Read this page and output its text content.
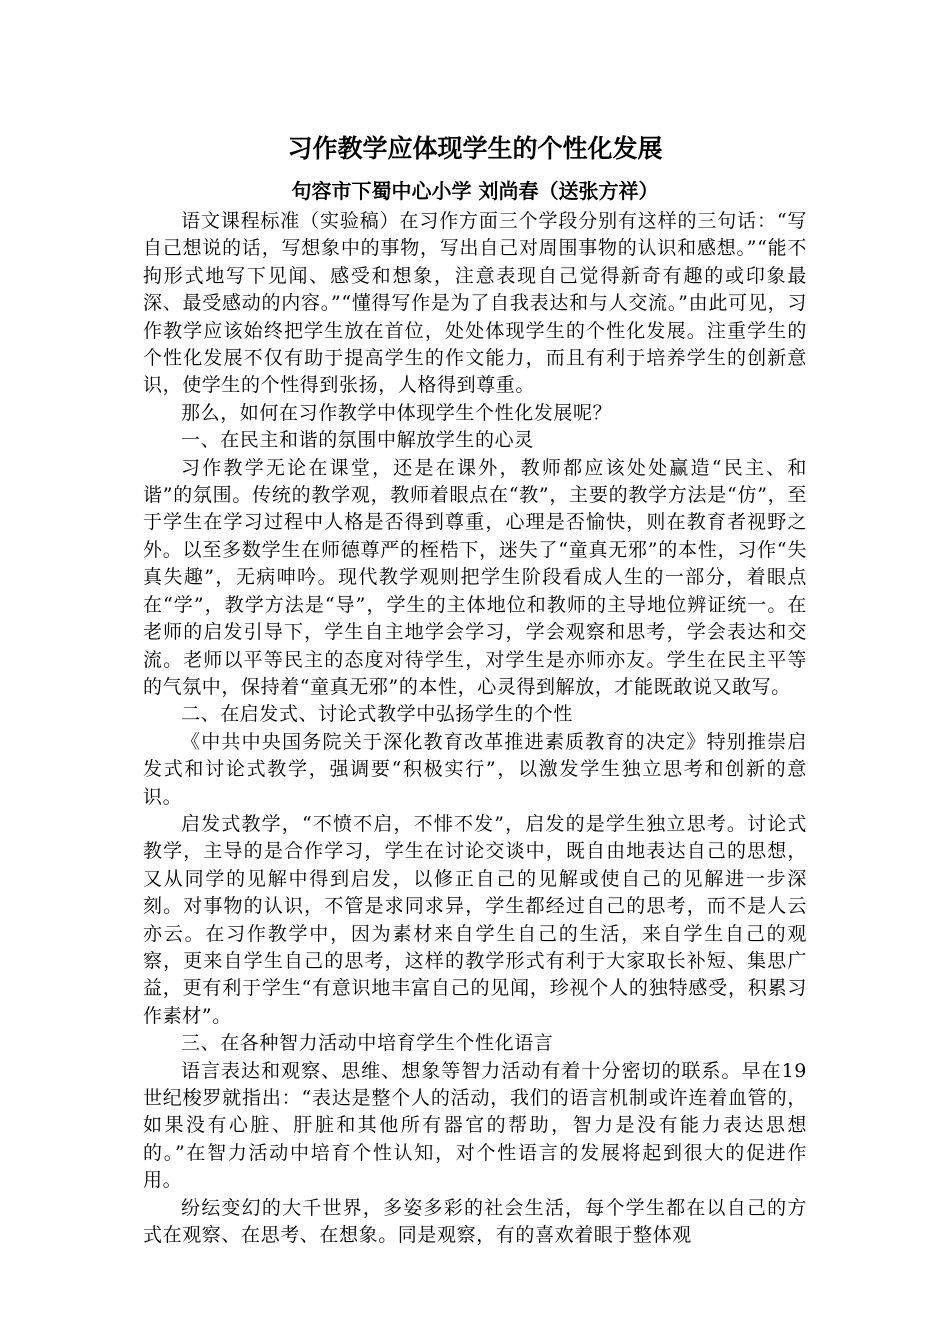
习作教学应体现学生的个性化发展
句容市下蜀中心小学 刘尚春（送张方祥）

语文课程标准（实验稿）在习作方面三个学段分别有这样的三句话：“写自己想说的话，写想象中的事物，写出自己对周围事物的认识和感想。”“能不拘形式地写下见闻、感受和想象，注意表现自己觉得新奇有趣的或印象最深、最受感动的内容。”“懂得写作是为了自我表达和与人交流。”由此可见，习作教学应该始终把学生放在首位，处处体现学生的个性化发展。注重学生的个性化发展不仅有助于提高学生的作文能力，而且有利于培养学生的创新意识，使学生的个性得到张扬，人格得到尊重。

那么，如何在习作教学中体现学生个性化发展呢？

一、在民主和谐的氛围中解放学生的心灵

习作教学无论在课堂，还是在课外，教师都应该处处赢造“民主、和谐”的氛围。传统的教学观，教师着眼点在“教”，主要的教学方法是“仿”，至于学生在学习过程中人格是否得到尊重，心理是否愉快，则在教育者视野之外。以至多数学生在师德尊严的桎梏下，迷失了“童真无邪”的本性，习作“失真失趣”，无病呻吟。现代教学观则把学生阶段看成人生的一部分，着眼点在“学”，教学方法是“导”，学生的主体地位和教师的主导地位辨证统一。在老师的启发引导下，学生自主地学会学习，学会观察和思考，学会表达和交流。老师以平等民主的态度对待学生，对学生是亦师亦友。学生在民主平等的气氛中，保持着“童真无邪”的本性，心灵得到解放，才能既敢说又敢写。

二、在启发式、讨论式教学中弘扬学生的个性

《中共中央国务院关于深化教育改革推进素质教育的决定》特别推崇启发式和讨论式教学，强调要“积极实行”，以激发学生独立思考和创新的意识。

启发式教学，“不愤不启，不悱不发”，启发的是学生独立思考。讨论式教学，主导的是合作学习，学生在讨论交谈中，既自由地表达自己的思想，又从同学的见解中得到启发，以修正自己的见解或使自己的见解进一步深刻。对事物的认识，不管是求同求异，学生都经过自己的思考，而不是人云亦云。在习作教学中，因为素材来自学生自己的生活，来自学生自己的观察，更来自学生自己的思考，这样的教学形式有利于大家取长补短、集思广益，更有利于学生“有意识地丰富自己的见闻，珍视个人的独特感受，积累习作素材”。

三、在各种智力活动中培育学生个性化语言

语言表达和观察、思维、想象等智力活动有着十分密切的联系。早在19世纪梭罗就指出：“表达是整个人的活动，我们的语言机制或许连着血管的，如果没有心脏、肝脏和其他所有器官的帮助，智力是没有能力表达思想的。”在智力活动中培育个性认知，对个性语言的发展将起到很大的促进作用。

纷纭变幻的大千世界，多姿多彩的社会生活，每个学生都在以自己的方式在观察、在思考、在想象。同是观察，有的喜欢着眼于整体观
